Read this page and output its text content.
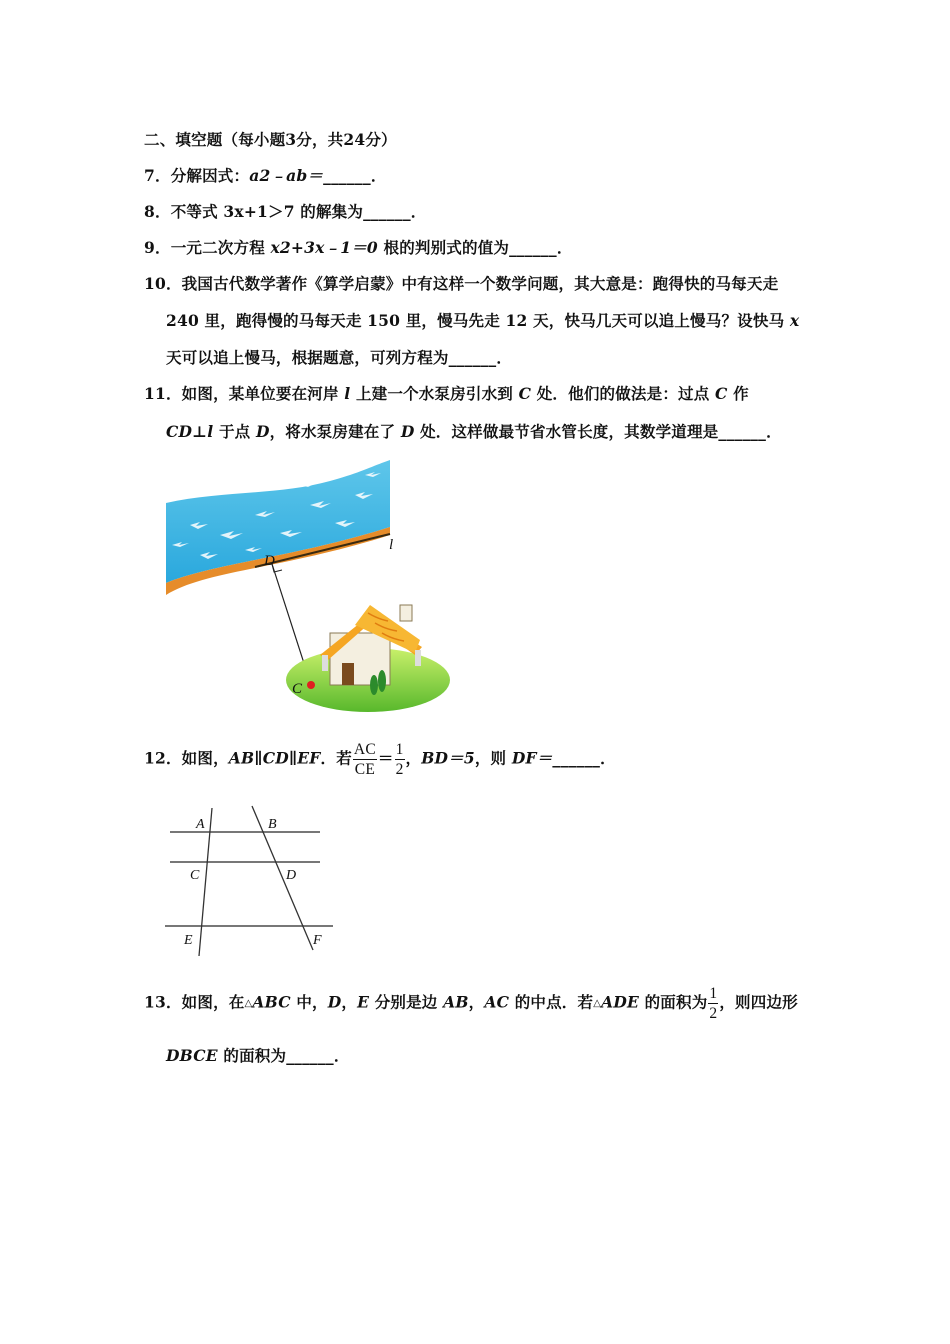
二、填空题（每小题3分，共24分）
7．分解因式：a2﹣ab＝______．
8．不等式 3x+1＞7 的解集为______．
9．一元二次方程 x2+3x﹣1＝0 根的判别式的值为______．
10．我国古代数学著作《算学启蒙》中有这样一个数学问题，其大意是：跑得快的马每天走
240 里，跑得慢的马每天走 150 里，慢马先走 12 天，快马几天可以追上慢马？设快马 x
天可以追上慢马，根据题意，可列方程为______．
11．如图，某单位要在河岸 l 上建一个水泵房引水到 C 处．他们的做法是：过点 C 作
CD⊥l 于点 D，将水泵房建在了 D 处．这样做最节省水管长度，其数学道理是______．
D
C
l
12．如图，AB∥CD∥EF．若 $\frac{AC}{CE} = \frac{1}{2}$ ，BD＝5，则 DF＝______．
A	B
C	D
E	F
13．如图，在△ABC 中，D，E 分别是边 AB，AC 的中点．若△ADE 的面积为 $\frac{1}{2}$ ，则四边形
DBCE 的面积为______．
